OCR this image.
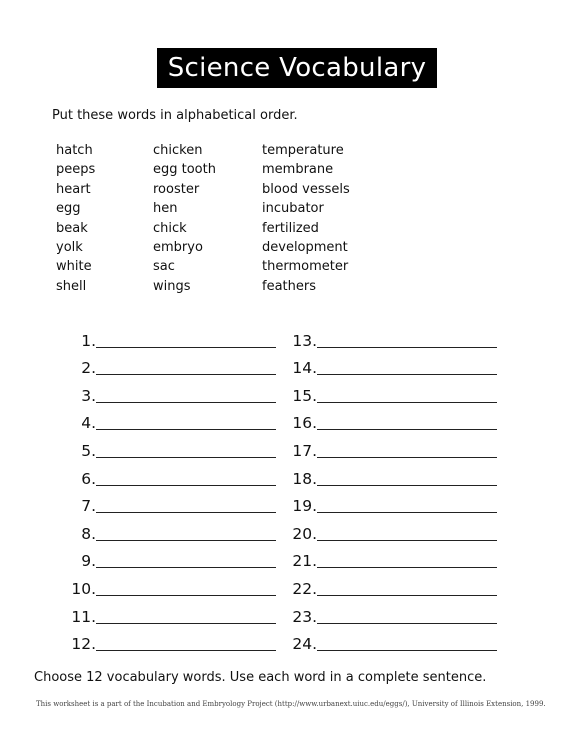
Science Vocabulary
Put these words in alphabetical order.
hatch
peeps
heart
egg
beak
yolk
white
shell
chicken
egg tooth
rooster
hen
chick
embryo
sac
wings
temperature
membrane
blood vessels
incubator
fertilized
development
thermometer
feathers
1.
2.
3.
4.
5.
6.
7.
8.
9.
10.
11.
12.
13.
14.
15.
16.
17.
18.
19.
20.
21.
22.
23.
24.
Choose 12 vocabulary words. Use each word in a complete sentence.
This worksheet is a part of the Incubation and Embryology Project (http://www.urbanext.uiuc.edu/eggs/), University of Illinois Extension, 1999.
